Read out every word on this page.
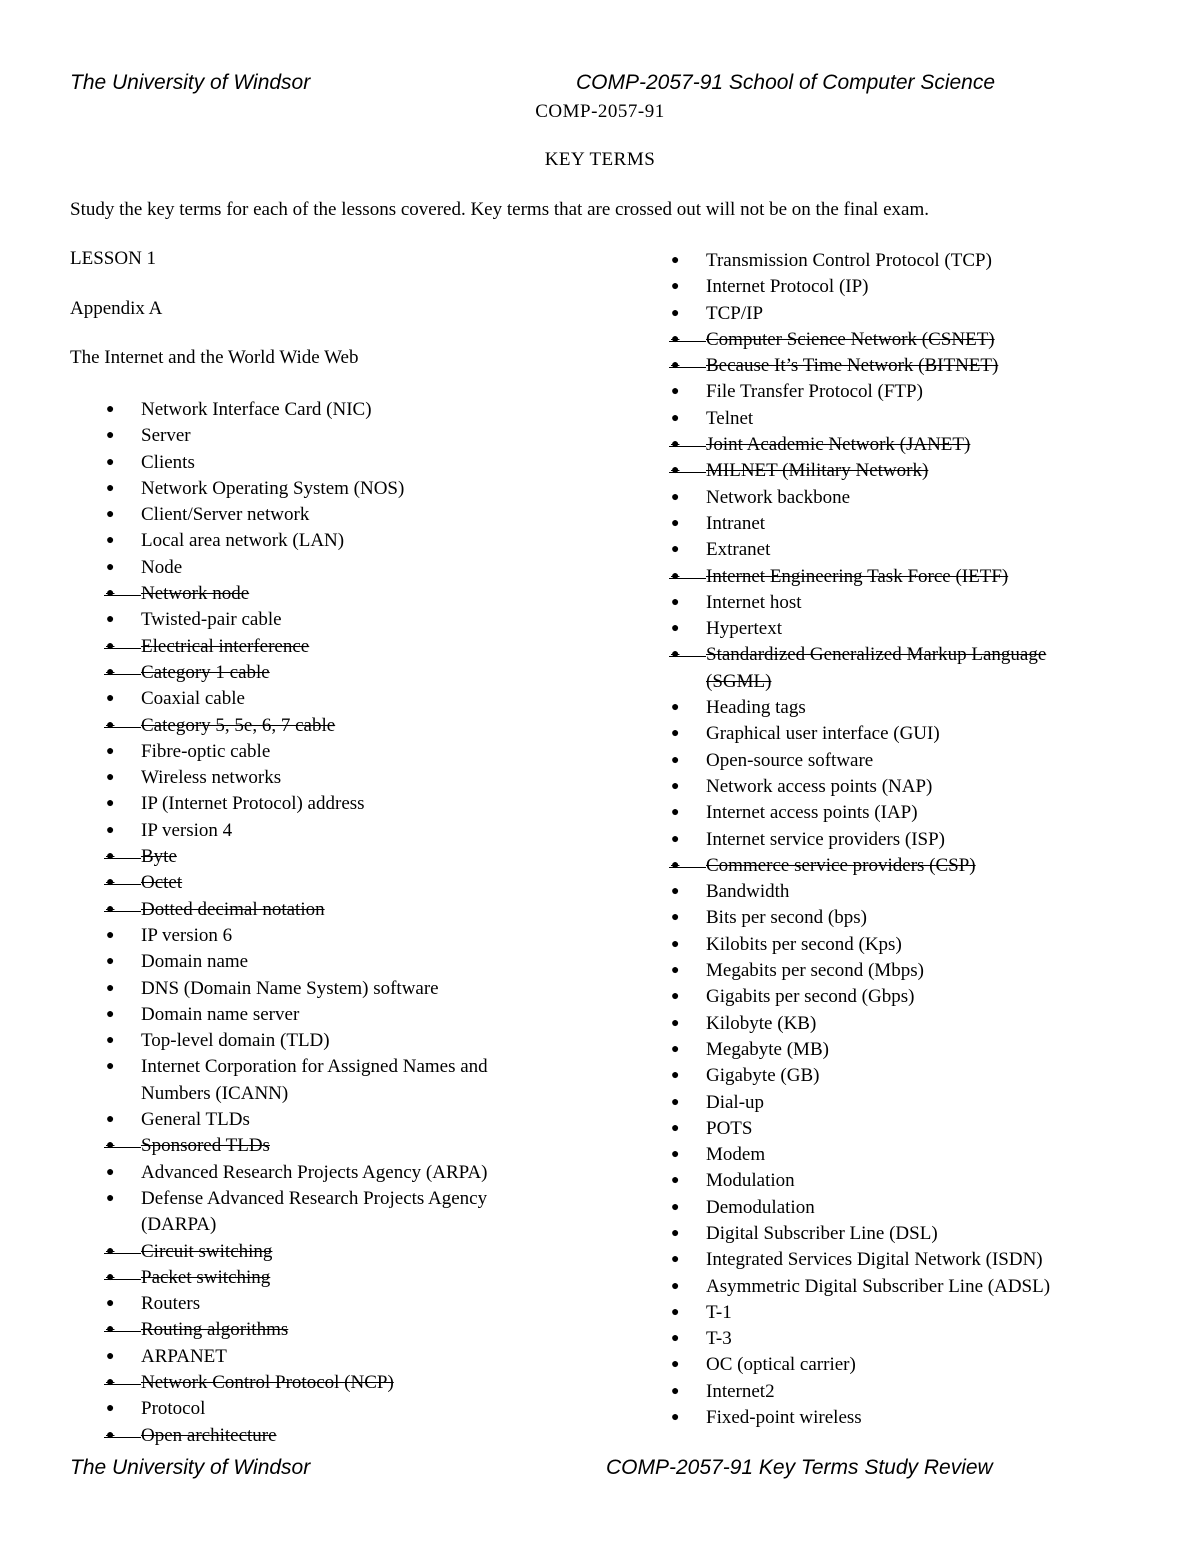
The University of Windsor	COMP-2057-91 School of Computer Science
COMP-2057-91
KEY TERMS
Study the key terms for each of the lessons covered. Key terms that are crossed out will not be on the final exam.
LESSON 1
Appendix A
The Internet and the World Wide Web
● Network Interface Card (NIC)
● Server
● Clients
● Network Operating System (NOS)
● Client/Server network
● Local area network (LAN)
● Node
● Network node
● Twisted-pair cable
● Electrical interference
● Category 1 cable
● Coaxial cable
● Category 5, 5e, 6, 7 cable
● Fibre-optic cable
● Wireless networks
● IP (Internet Protocol) address
● IP version 4
● Byte
● Octet
● Dotted decimal notation
● IP version 6
● Domain name
● DNS (Domain Name System) software
● Domain name server
● Top-level domain (TLD)
● Internet Corporation for Assigned Names and Numbers (ICANN)
● General TLDs
● Sponsored TLDs
● Advanced Research Projects Agency (ARPA)
● Defense Advanced Research Projects Agency (DARPA)
● Circuit switching
● Packet switching
● Routers
● Routing algorithms
● ARPANET
● Network Control Protocol (NCP)
● Protocol
● Open architecture
● Transmission Control Protocol (TCP)
● Internet Protocol (IP)
● TCP/IP
● Computer Science Network (CSNET)
● Because It’s Time Network (BITNET)
● File Transfer Protocol (FTP)
● Telnet
● Joint Academic Network (JANET)
● MILNET (Military Network)
● Network backbone
● Intranet
● Extranet
● Internet Engineering Task Force (IETF)
● Internet host
● Hypertext
● Standardized Generalized Markup Language (SGML)
● Heading tags
● Graphical user interface (GUI)
● Open-source software
● Network access points (NAP)
● Internet access points (IAP)
● Internet service providers (ISP)
● Commerce service providers (CSP)
● Bandwidth
● Bits per second (bps)
● Kilobits per second (Kps)
● Megabits per second (Mbps)
● Gigabits per second (Gbps)
● Kilobyte (KB)
● Megabyte (MB)
● Gigabyte (GB)
● Dial-up
● POTS
● Modem
● Modulation
● Demodulation
● Digital Subscriber Line (DSL)
● Integrated Services Digital Network (ISDN)
● Asymmetric Digital Subscriber Line (ADSL)
● T-1
● T-3
● OC (optical carrier)
● Internet2
● Fixed-point wireless
The University of Windsor	COMP-2057-91 Key Terms Study Review
